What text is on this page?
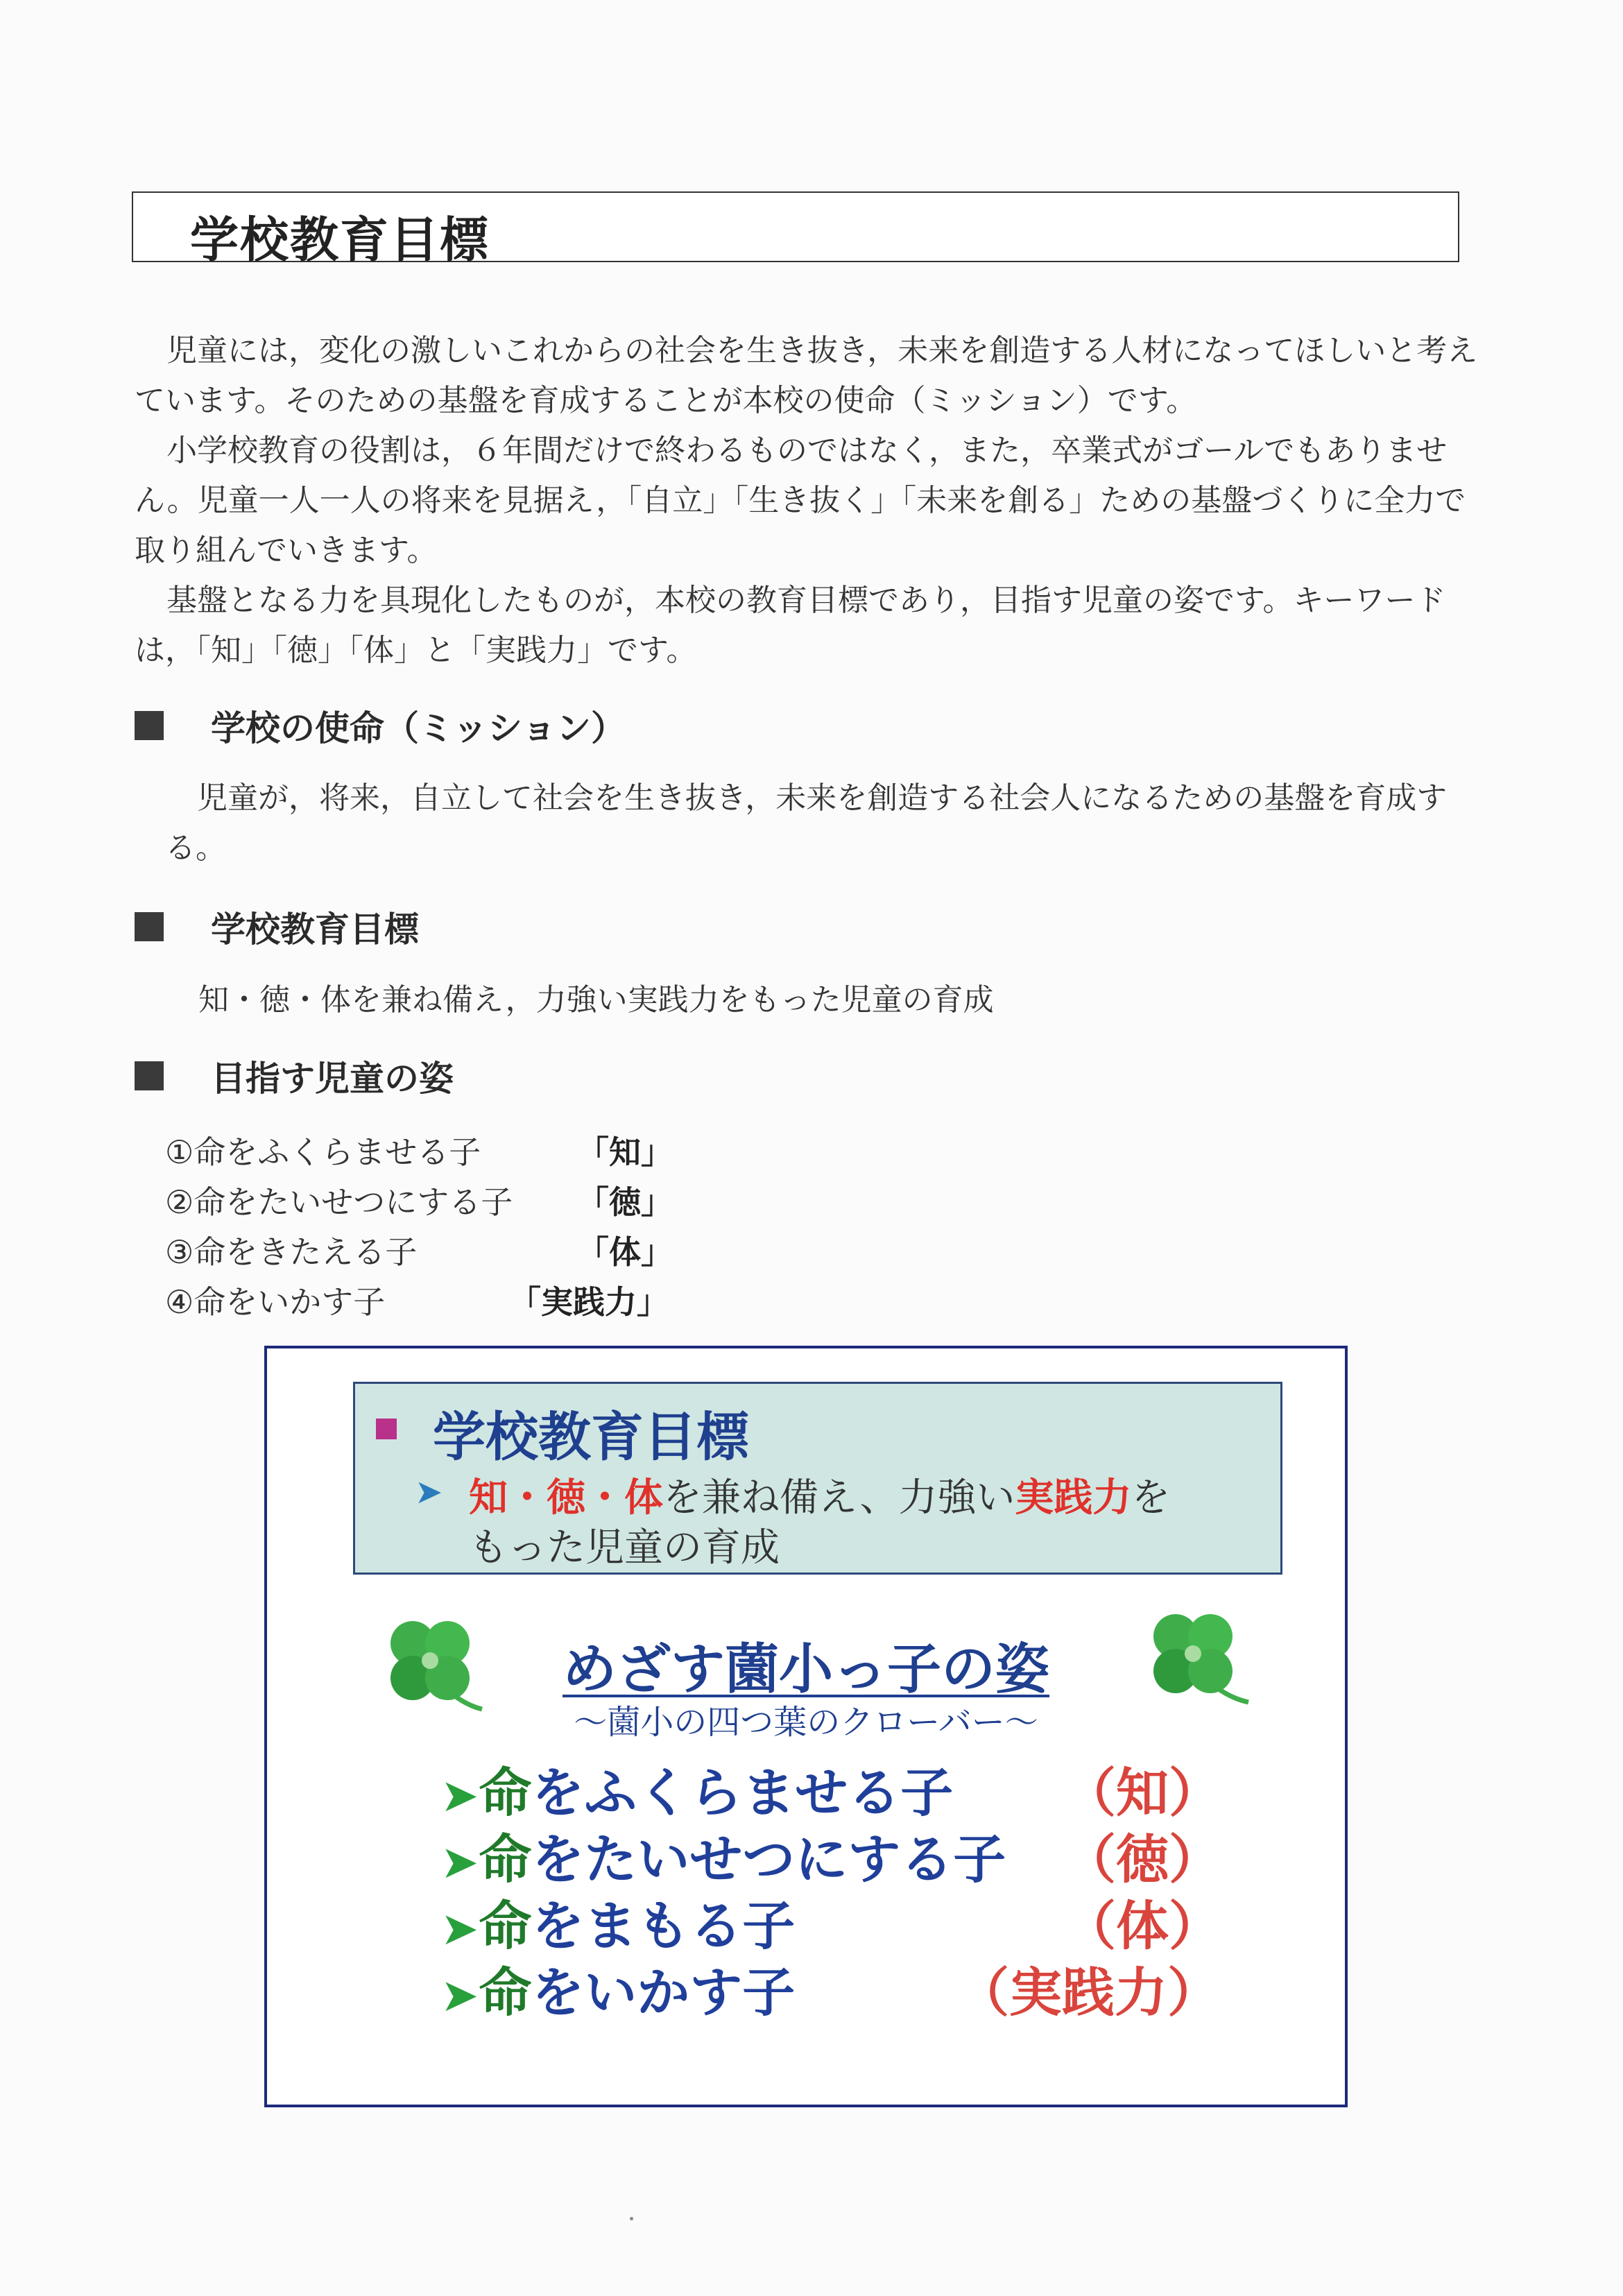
学校教育目標

児童には，変化の激しいこれからの社会を生き抜き，未来を創造する人材になってほしいと考えています。そのための基盤を育成することが本校の使命（ミッション）です。

小学校教育の役割は，６年間だけで終わるものではなく，また，卒業式がゴールでもありません。児童一人一人の将来を見据え，「自立」「生き抜く」「未来を創る」ための基盤づくりに全力で取り組んでいきます。

基盤となる力を具現化したものが，本校の教育目標であり，目指す児童の姿です。キーワードは，「知」「徳」「体」と「実践力」です。

学校の使命（ミッション）
児童が，将来，自立して社会を生き抜き，未来を創造する社会人になるための基盤を育成する。
学校教育目標
知・徳・体を兼ね備え，力強い実践力をもった児童の育成
目指す児童の姿
①命をふくらませる子	「知」
②命をたいせつにする子 「徳」
③命をきたえる子	「体」
④命をいかす子	「実践力」
学校教育目標
➤ 知・徳・体を兼ね備え、力強い実践力を
もった児童の育成
めざす薗小っ子の姿
～薗小の四つ葉のクローバー～
➤命をふくらませる子 （知）
➤命をたいせつにする子 （徳）
➤命をまもる子	（体）
➤命をいかす子	（実践力）
